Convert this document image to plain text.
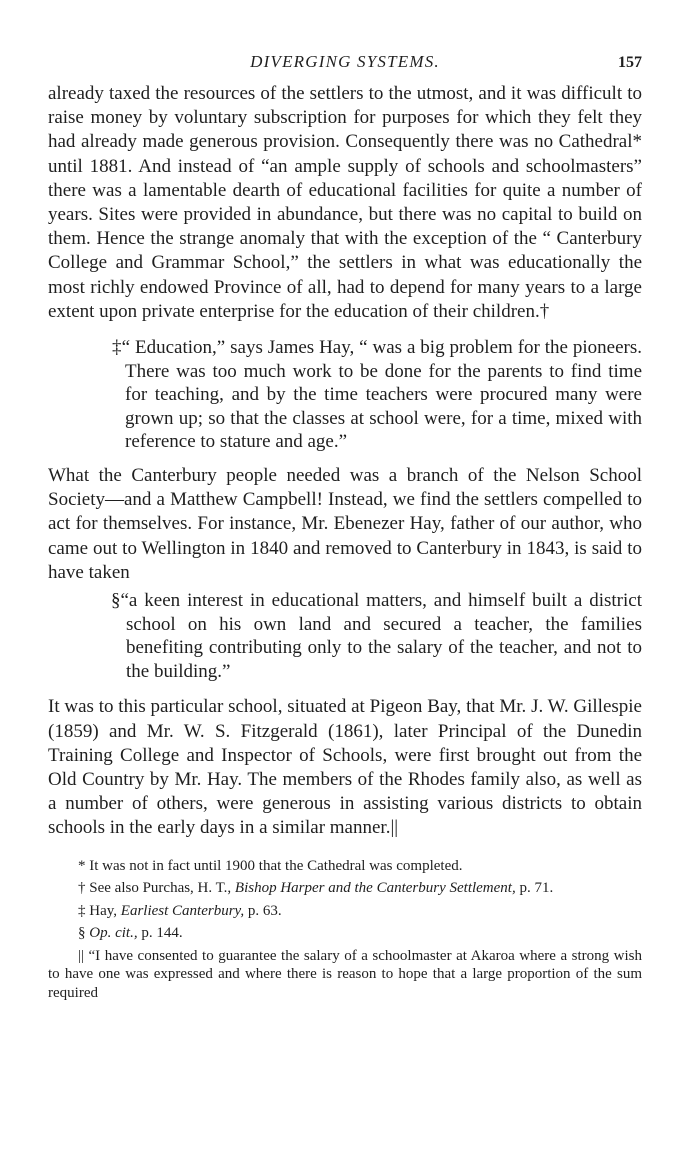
DIVERGING SYSTEMS.	157

already taxed the resources of the settlers to the utmost, and it was difficult to raise money by voluntary subscription for purposes for which they felt they had already made generous provision. Consequently there was no Cathedral* until 1881. And instead of “an ample supply of schools and schoolmasters” there was a lamentable dearth of educational facilities for quite a number of years. Sites were provided in abundance, but there was no capital to build on them. Hence the strange anomaly that with the exception of the “ Canterbury College and Grammar School,” the settlers in what was educationally the most richly endowed Province of all, had to depend for many years to a large extent upon private enterprise for the education of their children.†

‡“ Education,” says James Hay, “ was a big problem for the pioneers. There was too much work to be done for the parents to find time for teaching, and by the time teachers were procured many were grown up; so that the classes at school were, for a time, mixed with reference to stature and age.”

What the Canterbury people needed was a branch of the Nelson School Society—and a Matthew Campbell! Instead, we find the settlers compelled to act for themselves. For instance, Mr. Ebenezer Hay, father of our author, who came out to Wellington in 1840 and removed to Canterbury in 1843, is said to have taken

§“a keen interest in educational matters, and himself built a district school on his own land and secured a teacher, the families benefiting contributing only to the salary of the teacher, and not to the building.”

It was to this particular school, situated at Pigeon Bay, that Mr. J. W. Gillespie (1859) and Mr. W. S. Fitzgerald (1861), later Principal of the Dunedin Training College and Inspector of Schools, were first brought out from the Old Country by Mr. Hay. The members of the Rhodes family also, as well as a number of others, were generous in assisting various districts to obtain schools in the early days in a similar manner.||

* It was not in fact until 1900 that the Cathedral was completed.

† See also Purchas, H. T., Bishop Harper and the Canterbury Settlement, p. 71.

‡ Hay, Earliest Canterbury, p. 63.

§ Op. cit., p. 144.

|| “I have consented to guarantee the salary of a schoolmaster at Akaroa where a strong wish to have one was expressed and where there is reason to hope that a large proportion of the sum required
